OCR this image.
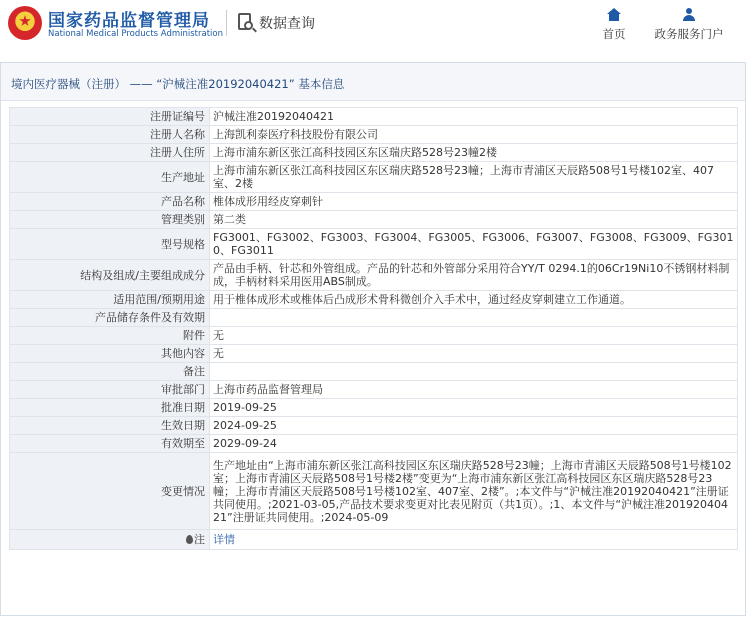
国家药品监督管理局
National Medical Products Administration
数据查询
首页	政务服务门户
境内医疗器械（注册） —— “沪械注准20192040421” 基本信息
注册证编号	沪械注准20192040421
注册人名称	上海凯利泰医疗科技股份有限公司
注册人住所	上海市浦东新区张江高科技园区东区瑞庆路528号23幢2楼
生产地址	上海市浦东新区张江高科技园区东区瑞庆路528号23幢；上海市青浦区天辰路508号1号楼102室、407室、2楼
产品名称	椎体成形用经皮穿刺针
管理类别	第二类
型号规格	FG3001、FG3002、FG3003、FG3004、FG3005、FG3006、FG3007、FG3008、FG3009、FG3010、FG3011
结构及组成/主要组成成分	产品由手柄、针芯和外管组成。产品的针芯和外管部分采用符合YY/T 0294.1的06Cr19Ni10不锈钢材料制成，手柄材料采用医用ABS制成。
适用范围/预期用途	用于椎体成形术或椎体后凸成形术骨科微创介入手术中，通过经皮穿刺建立工作通道。
产品储存条件及有效期	
附件	无
其他内容	无
备注	
审批部门	上海市药品监督管理局
批准日期	2019-09-25
生效日期	2024-09-25
有效期至	2029-09-24
变更情况	生产地址由“上海市浦东新区张江高科技园区东区瑞庆路528号23幢；上海市青浦区天辰路508号1号楼102室；上海市青浦区天辰路508号1号楼2楼”变更为“上海市浦东新区张江高科技园区东区瑞庆路528号23幢；上海市青浦区天辰路508号1号楼102室、407室、2楼”。;本文件与“沪械注准20192040421”注册证共同使用。;2021-03-05,产品技术要求变更对比表见附页（共1页）。;1、本文件与“沪械注准20192040421”注册证共同使用。;2024-05-09
注	详情
